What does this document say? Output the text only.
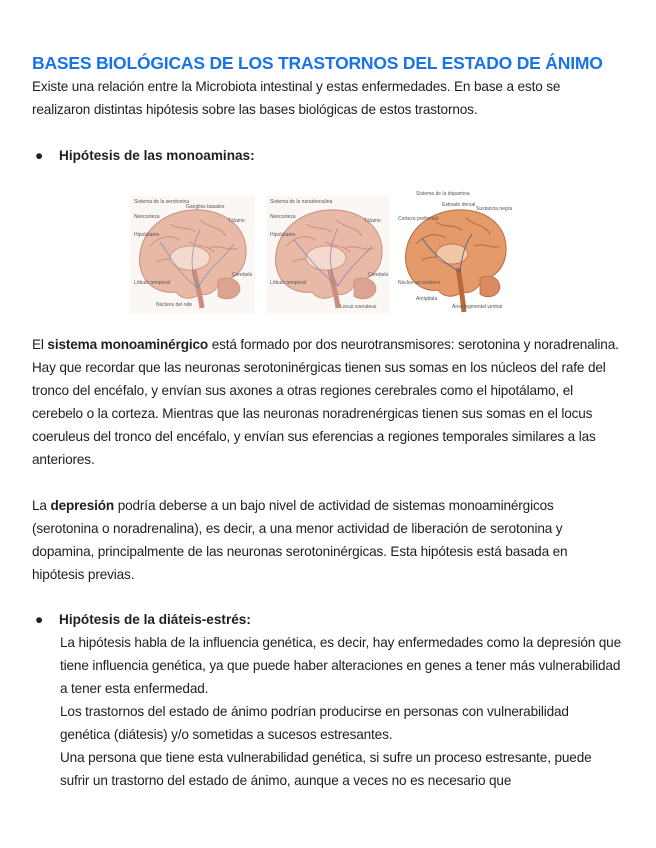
BASES BIOLÓGICAS DE LOS TRASTORNOS DEL ESTADO DE ÁNIMO

Existe una relación entre la Microbiota intestinal y estas enfermedades. En base a esto se realizaron distintas hipótesis sobre las bases biológicas de estos trastornos.

●	Hipótesis de las monoaminas:
Sistema de la serotonina
Neocorteza
Ganglios basales
Tálamo
Hipotálamo
Cerebelo
Lóbulo temporal
Núcleos del rafe
Sistema de la noradrenalina
Neocorteza
Tálamo
Hipotálamo
Cerebelo
Lóbulo temporal
Locus coeruleus
Sistema de la dopamina
Estriado dorsal
Sustancia negra
Corteza prefrontal
Núcleo accumbens
Amígdala
Área tegmental ventral

El sistema monoaminérgico está formado por dos neurotransmisores: serotonina y noradrenalina. Hay que recordar que las neuronas serotoninérgicas tienen sus somas en los núcleos del rafe del tronco del encéfalo, y envían sus axones a otras regiones cerebrales como el hipotálamo, el cerebelo o la corteza. Mientras que las neuronas noradrenérgicas tienen sus somas en el locus coeruleus del tronco del encéfalo, y envían sus eferencias a regiones temporales similares a las anteriores.

La depresión podría deberse a un bajo nivel de actividad de sistemas monoaminérgicos (serotonina o noradrenalina), es decir, a una menor actividad de liberación de serotonina y dopamina, principalmente de las neuronas serotoninérgicas. Esta hipótesis está basada en hipótesis previas.

●	Hipótesis de la diáteis-estrés:

La hipótesis habla de la influencia genética, es decir, hay enfermedades como la depresión que tiene influencia genética, ya que puede haber alteraciones en genes a tener más vulnerabilidad a tener esta enfermedad.

Los trastornos del estado de ánimo podrían producirse en personas con vulnerabilidad genética (diátesis) y/o sometidas a sucesos estresantes.

Una persona que tiene esta vulnerabilidad genética, si sufre un proceso estresante, puede sufrir un trastorno del estado de ánimo, aunque a veces no es necesario que
